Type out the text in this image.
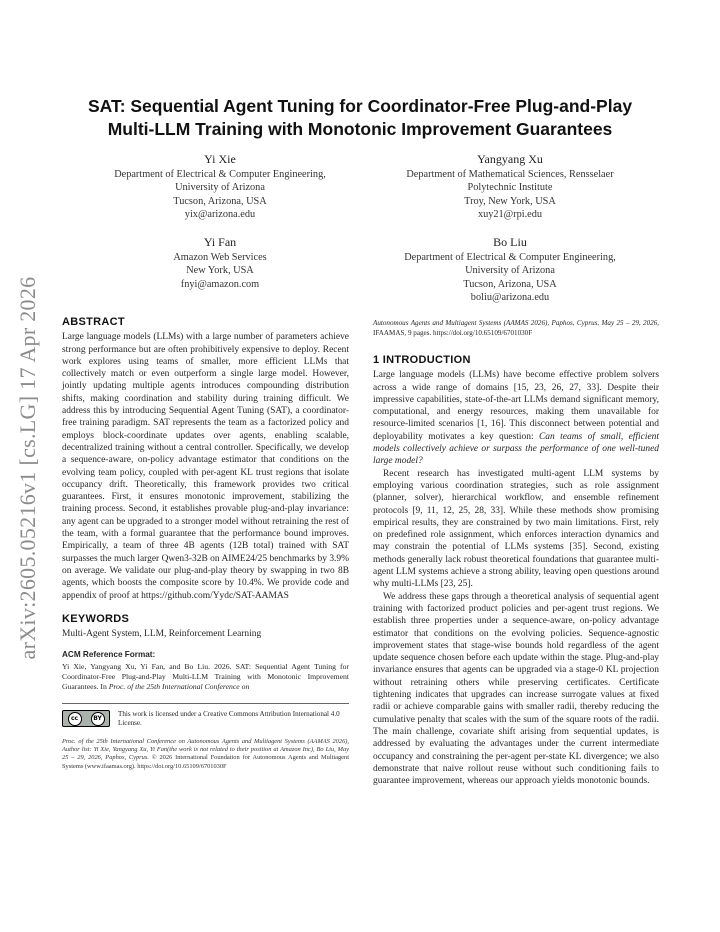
SAT: Sequential Agent Tuning for Coordinator-Free Plug-and-Play
Multi-LLM Training with Monotonic Improvement Guarantees
Yi Xie
Department of Electrical & Computer Engineering,
University of Arizona
Tucson, Arizona, USA
yix@arizona.edu
Yangyang Xu
Department of Mathematical Sciences, Rensselaer
Polytechnic Institute
Troy, New York, USA
xuy21@rpi.edu
Yi Fan
Amazon Web Services
New York, USA
fnyi@amazon.com
Bo Liu
Department of Electrical & Computer Engineering,
University of Arizona
Tucson, Arizona, USA
boliu@arizona.edu
arXiv:2605.05216v1 [cs.LG] 17 Apr 2026 ABSTRACT

Large language models (LLMs) with a large number of parameters achieve strong performance but are often prohibitively expensive to deploy. Recent work explores using teams of smaller, more efficient LLMs that collectively match or even outperform a single large model. However, jointly updating multiple agents introduces compounding distribution shifts, making coordination and stability during training difficult. We address this by introducing Sequential Agent Tuning (SAT), a coordinator-free training paradigm. SAT represents the team as a factorized policy and employs block-coordinate updates over agents, enabling scalable, decentralized training without a central controller. Specifically, we develop a sequence-aware, on-policy advantage estimator that conditions on the evolving team policy, coupled with per-agent KL trust regions that isolate occupancy drift. Theoretically, this framework provides two critical guarantees. First, it ensures monotonic improvement, stabilizing the training process. Second, it establishes provable plug-and-play invariance: any agent can be upgraded to a stronger model without retraining the rest of the team, with a formal guarantee that the performance bound improves. Empirically, a team of three 4B agents (12B total) trained with SAT surpasses the much larger Qwen3-32B on AIME24/25 benchmarks by 3.9% on average. We validate our plug-and-play theory by swapping in two 8B agents, which boosts the composite score by 10.4%. We provide code and appendix of proof at https://github.com/Yydc/SAT-AAMAS

KEYWORDS

Multi-Agent System, LLM, Reinforcement Learning

ACM Reference Format:

Yi Xie, Yangyang Xu, Yi Fan, and Bo Liu. 2026. SAT: Sequential Agent Tuning for Coordinator-Free Plug-and-Play Multi-LLM Training with Monotonic Improvement Guarantees. In Proc. of the 25th International Conference on

cc	BY	This work is licensed under a Creative Commons Attribution International 4.0 License.

Proc. of the 25th International Conference on Autonomous Agents and Multiagent Systems (AAMAS 2026), Author list: Yi Xie, Yangyang Xu, Yi Fan(the work is not related to their position at Amazon Inc), Bo Liu, May 25 – 29, 2026, Paphos, Cyprus. © 2026 International Foundation for Autonomous Agents and Multiagent Systems (www.ifaamas.org). https://doi.org/10.65109/6701030F

Autonomous Agents and Multiagent Systems (AAMAS 2026), Paphos, Cyprus, May 25 – 29, 2026, IFAAMAS, 9 pages. https://doi.org/10.65109/6701030F

1 INTRODUCTION

Large language models (LLMs) have become effective problem solvers across a wide range of domains [15, 23, 26, 27, 33]. Despite their impressive capabilities, state-of-the-art LLMs demand significant memory, computational, and energy resources, making them unavailable for resource-limited scenarios [1, 16]. This disconnect between potential and deployability motivates a key question: Can teams of small, efficient models collectively achieve or surpass the performance of one well-tuned large model?

Recent research has investigated multi-agent LLM systems by employing various coordination strategies, such as role assignment (planner, solver), hierarchical workflow, and ensemble refinement protocols [9, 11, 12, 25, 28, 33]. While these methods show promising empirical results, they are constrained by two main limitations. First, rely on predefined role assignment, which enforces interaction dynamics and may constrain the potential of LLMs systems [35]. Second, existing methods generally lack robust theoretical foundations that guarantee multi-agent LLM systems achieve a strong ability, leaving open questions around why multi-LLMs [23, 25].

We address these gaps through a theoretical analysis of sequential agent training with factorized product policies and per-agent trust regions. We establish three properties under a sequence-aware, on-policy advantage estimator that conditions on the evolving policies. Sequence-agnostic improvement states that stage-wise bounds hold regardless of the agent update sequence chosen before each update within the stage. Plug-and-play invariance ensures that agents can be upgraded via a stage-0 KL projection without retraining others while preserving certificates. Certificate tightening indicates that upgrades can increase surrogate values at fixed radii or achieve comparable gains with smaller radii, thereby reducing the cumulative penalty that scales with the sum of the square roots of the radii. The main challenge, covariate shift arising from sequential updates, is addressed by evaluating the advantages under the current intermediate occupancy and constraining the per-agent per-state KL divergence; we also demonstrate that naive rollout reuse without such conditioning fails to guarantee improvement, whereas our approach yields monotonic bounds.
